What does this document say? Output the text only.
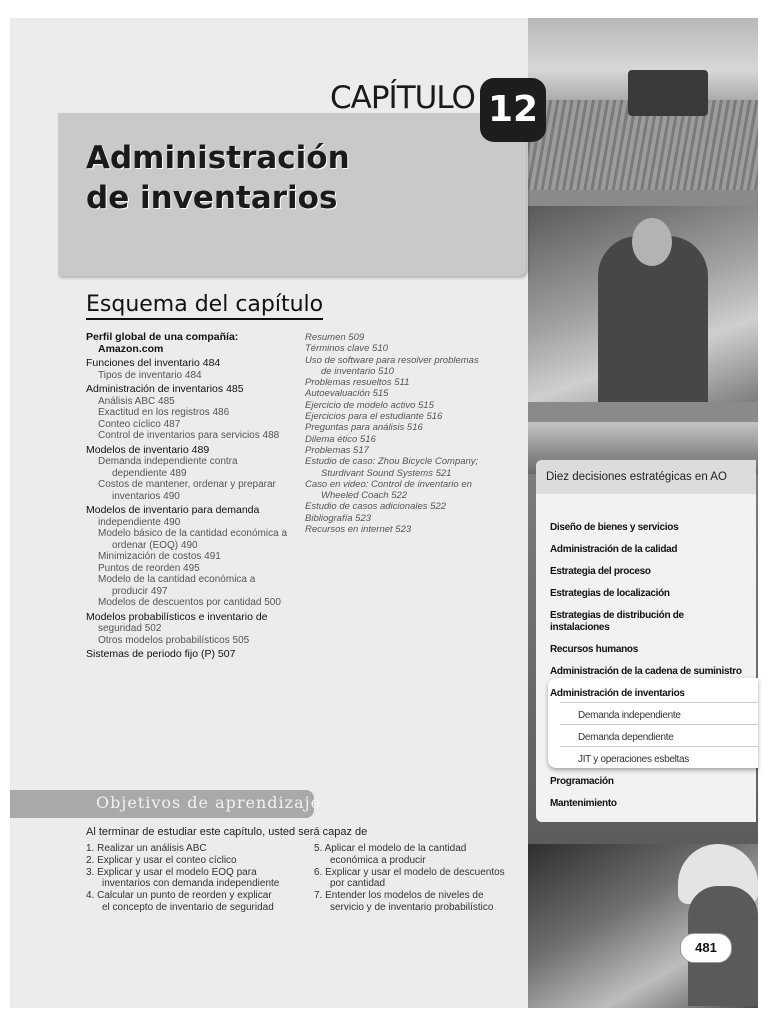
CAPÍTULO 12
Administración
de inventarios
Esquema del capítulo

Perfil global de una compañía:

Amazon.com

Funciones del inventario 484

Tipos de inventario 484

Administración de inventarios 485

Análisis ABC 485

Exactitud en los registros 486

Conteo cíclico 487

Control de inventarios para servicios 488

Modelos de inventario 489

Demanda independiente contra

dependiente 489

Costos de mantener, ordenar y preparar

inventarios 490

Modelos de inventario para demanda

independiente 490

Modelo básico de la cantidad económica a

ordenar (EOQ) 490

Minimización de costos 491

Puntos de reorden 495

Modelo de la cantidad económica a

producir 497

Modelos de descuentos por cantidad 500

Modelos probabilísticos e inventario de

seguridad 502

Otros modelos probabilísticos 505

Sistemas de periodo fijo (P) 507

Resumen 509

Términos clave 510

Uso de software para resolver problemas

de inventario 510

Problemas resueltos 511

Autoevaluación 515

Ejercicio de modelo activo 515

Ejercicios para el estudiante 516

Preguntas para análisis 516

Dilema ético 516

Problemas 517

Estudio de caso: Zhou Bicycle Company;

Sturdivant Sound Systems 521

Caso en video: Control de inventario en

Wheeled Coach 522

Estudio de casos adicionales 522

Bibliografía 523

Recursos en internet 523

Diez decisiones estratégicas en AO
Diseño de bienes y servicios
Administración de la calidad
Estrategia del proceso
Estrategias de localización
Estrategias de distribución de
instalaciones
Recursos humanos
Administración de la cadena de suministro
Administración de inventarios
Programación
Mantenimiento
Demanda independiente
Demanda dependiente
JIT y operaciones esbeltas
Objetivos de aprendizaje
Al terminar de estudiar este capítulo, usted será capaz de

1. Realizar un análisis ABC

2. Explicar y usar el conteo cíclico

3. Explicar y usar el modelo EOQ para

inventarios con demanda independiente

4. Calcular un punto de reorden y explicar

el concepto de inventario de seguridad

5. Aplicar el modelo de la cantidad

económica a producir

6. Explicar y usar el modelo de descuentos

por cantidad

7. Entender los modelos de niveles de

servicio y de inventario probabilístico

481
